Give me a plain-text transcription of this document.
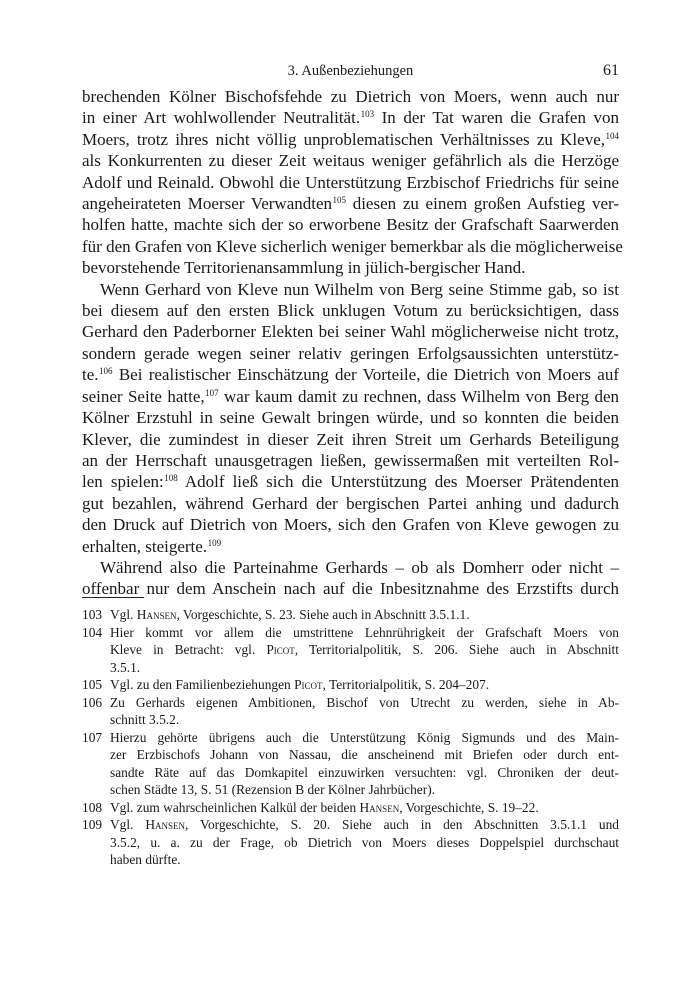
3. Außenbeziehungen	61
brechenden Kölner Bischofsfehde zu Dietrich von Moers, wenn auch nur
in einer Art wohlwollender Neutralität.$^{103}$ In der Tat waren die Grafen von
Moers, trotz ihres nicht völlig unproblematischen Verhältnisses zu Kleve,$^{104}$
als Konkurrenten zu dieser Zeit weitaus weniger gefährlich als die Herzöge
Adolf und Reinald. Obwohl die Unterstützung Erzbischof Friedrichs für seine
angeheirateten Moerser Verwandten$^{105}$ diesen zu einem großen Aufstieg ver-
holfen hatte, machte sich der so erworbene Besitz der Grafschaft Saarwerden
für den Grafen von Kleve sicherlich weniger bemerkbar als die möglicherweise
bevorstehende Territorienansammlung in jülich-bergischer Hand.
Wenn Gerhard von Kleve nun Wilhelm von Berg seine Stimme gab, so ist
bei diesem auf den ersten Blick unklugen Votum zu berücksichtigen, dass
Gerhard den Paderborner Elekten bei seiner Wahl möglicherweise nicht trotz,
sondern gerade wegen seiner relativ geringen Erfolgsaussichten unterstütz-
te.$^{106}$ Bei realistischer Einschätzung der Vorteile, die Dietrich von Moers auf
seiner Seite hatte,$^{107}$ war kaum damit zu rechnen, dass Wilhelm von Berg den
Kölner Erzstuhl in seine Gewalt bringen würde, und so konnten die beiden
Klever, die zumindest in dieser Zeit ihren Streit um Gerhards Beteiligung
an der Herrschaft unausgetragen ließen, gewissermaßen mit verteilten Rol-
len spielen:$^{108}$ Adolf ließ sich die Unterstützung des Moerser Prätendenten
gut bezahlen, während Gerhard der bergischen Partei anhing und dadurch
den Druck auf Dietrich von Moers, sich den Grafen von Kleve gewogen zu
erhalten, steigerte.$^{109}$
Während also die Parteinahme Gerhards – ob als Domherr oder nicht –
offenbar nur dem Anschein nach auf die Inbesitznahme des Erzstifts durch
103 Vgl. Hansen, Vorgeschichte, S. 23. Siehe auch in Abschnitt 3.5.1.1.
104 Hier kommt vor allem die umstrittene Lehnrührigkeit der Grafschaft Moers von
Kleve in Betracht: vgl. Picot, Territorialpolitik, S. 206. Siehe auch in Abschnitt
3.5.1.
105 Vgl. zu den Familienbeziehungen Picot, Territorialpolitik, S. 204–207.
106 Zu Gerhards eigenen Ambitionen, Bischof von Utrecht zu werden, siehe in Ab-
schnitt 3.5.2.
107 Hierzu gehörte übrigens auch die Unterstützung König Sigmunds und des Main-
zer Erzbischofs Johann von Nassau, die anscheinend mit Briefen oder durch ent-
sandte Räte auf das Domkapitel einzuwirken versuchten: vgl. Chroniken der deut-
schen Städte 13, S. 51 (Rezension B der Kölner Jahrbücher).
108 Vgl. zum wahrscheinlichen Kalkül der beiden Hansen, Vorgeschichte, S. 19–22.
109 Vgl. Hansen, Vorgeschichte, S. 20. Siehe auch in den Abschnitten 3.5.1.1 und
3.5.2, u. a. zu der Frage, ob Dietrich von Moers dieses Doppelspiel durchschaut
haben dürfte.
